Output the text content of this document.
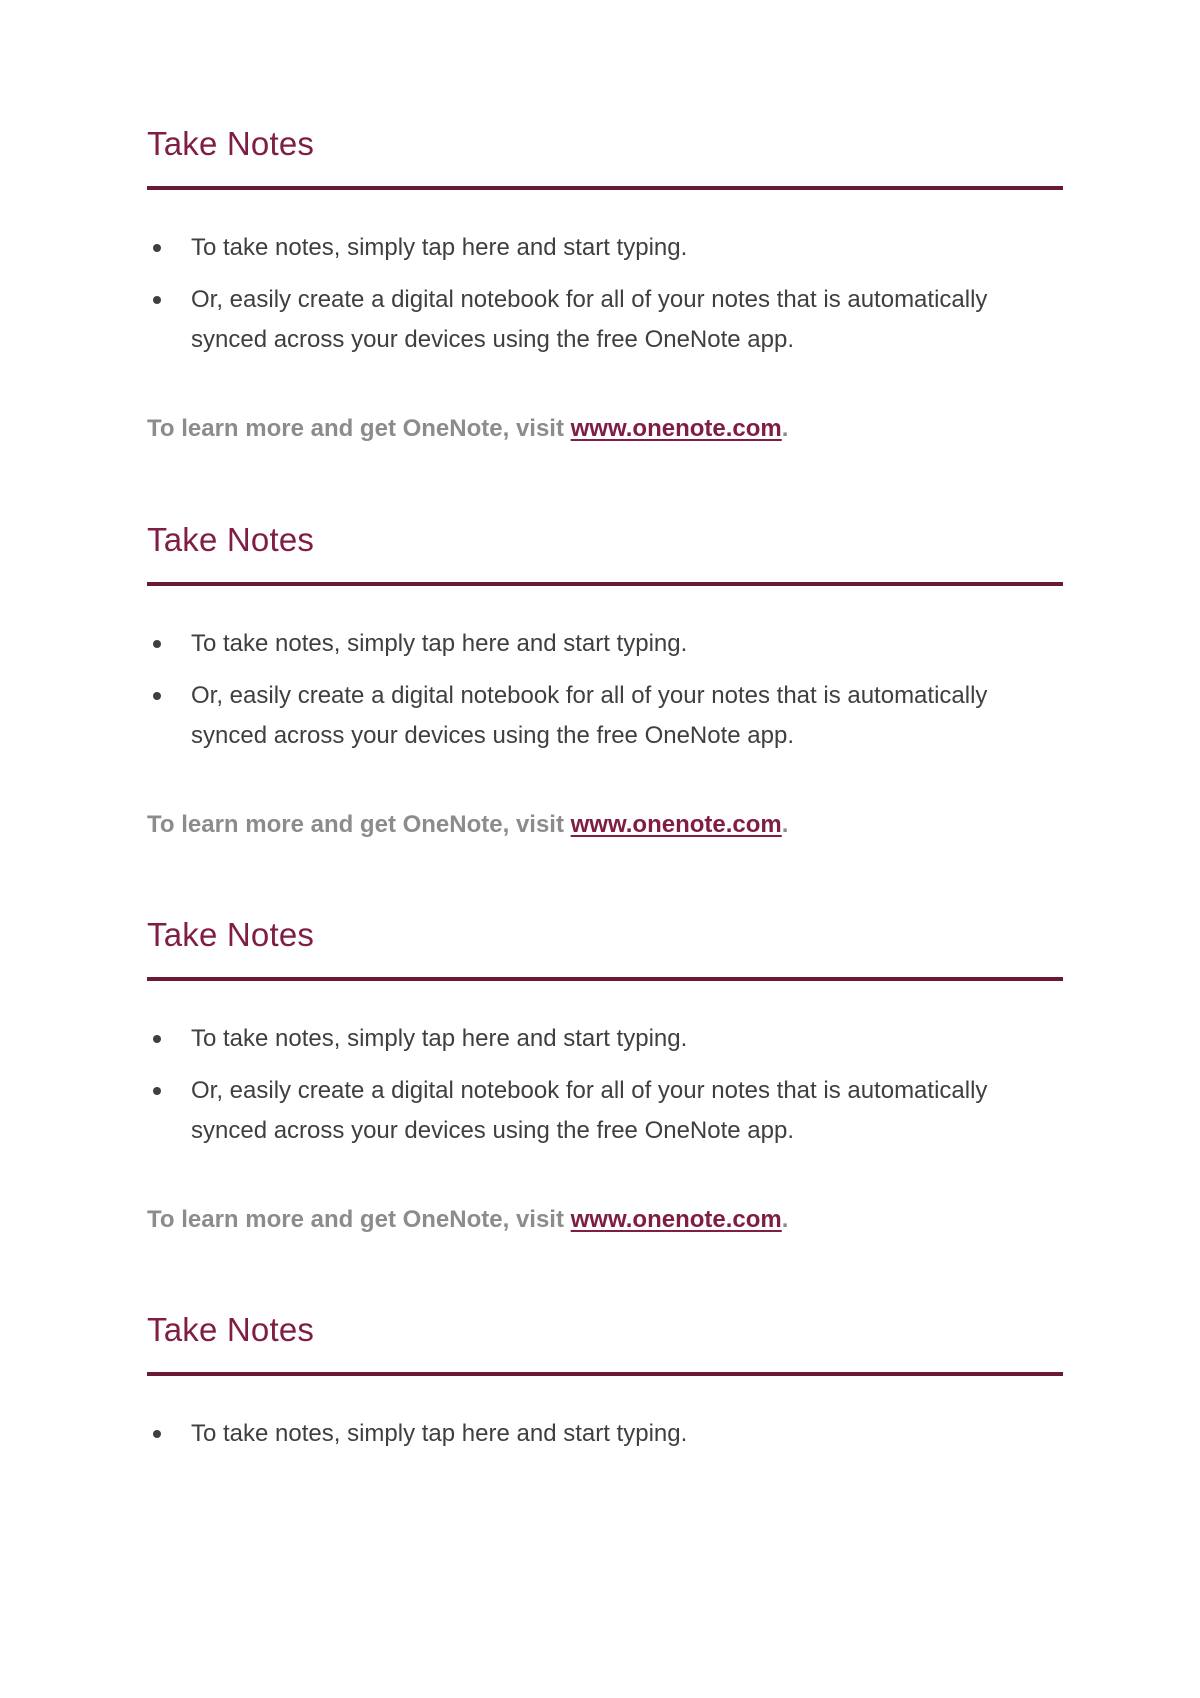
Take Notes
To take notes, simply tap here and start typing.
Or, easily create a digital notebook for all of your notes that is automatically synced across your devices using the free OneNote app.

To learn more and get OneNote, visit www.onenote.com.

Take Notes
To take notes, simply tap here and start typing.
Or, easily create a digital notebook for all of your notes that is automatically synced across your devices using the free OneNote app.

To learn more and get OneNote, visit www.onenote.com.

Take Notes
To take notes, simply tap here and start typing.
Or, easily create a digital notebook for all of your notes that is automatically synced across your devices using the free OneNote app.

To learn more and get OneNote, visit www.onenote.com.

Take Notes
To take notes, simply tap here and start typing.
